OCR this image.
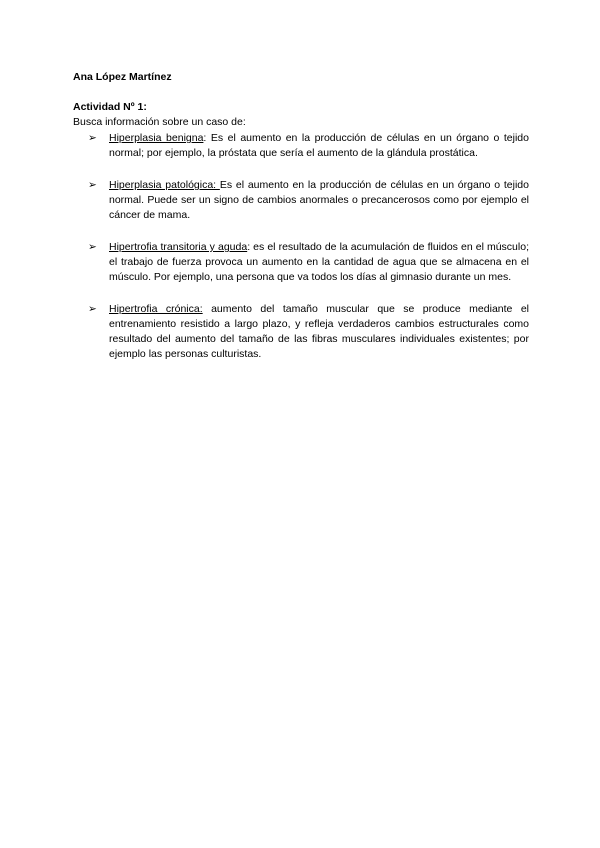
Ana López Martínez

Actividad Nº 1:

Busca información sobre un caso de:

➢ Hiperplasia benigna: Es el aumento en la producción de células en un órgano o tejido normal; por ejemplo, la próstata que sería el aumento de la glándula prostática.
➢ Hiperplasia patológica: Es el aumento en la producción de células en un órgano o tejido normal. Puede ser un signo de cambios anormales o precancerosos como por ejemplo el cáncer de mama.
➢ Hipertrofia transitoria y aguda: es el resultado de la acumulación de fluidos en el músculo; el trabajo de fuerza provoca un aumento en la cantidad de agua que se almacena en el músculo. Por ejemplo, una persona que va todos los días al gimnasio durante un mes.
➢ Hipertrofia crónica: aumento del tamaño muscular que se produce mediante el entrenamiento resistido a largo plazo, y refleja verdaderos cambios estructurales como resultado del aumento del tamaño de las fibras musculares individuales existentes; por ejemplo las personas culturistas.
